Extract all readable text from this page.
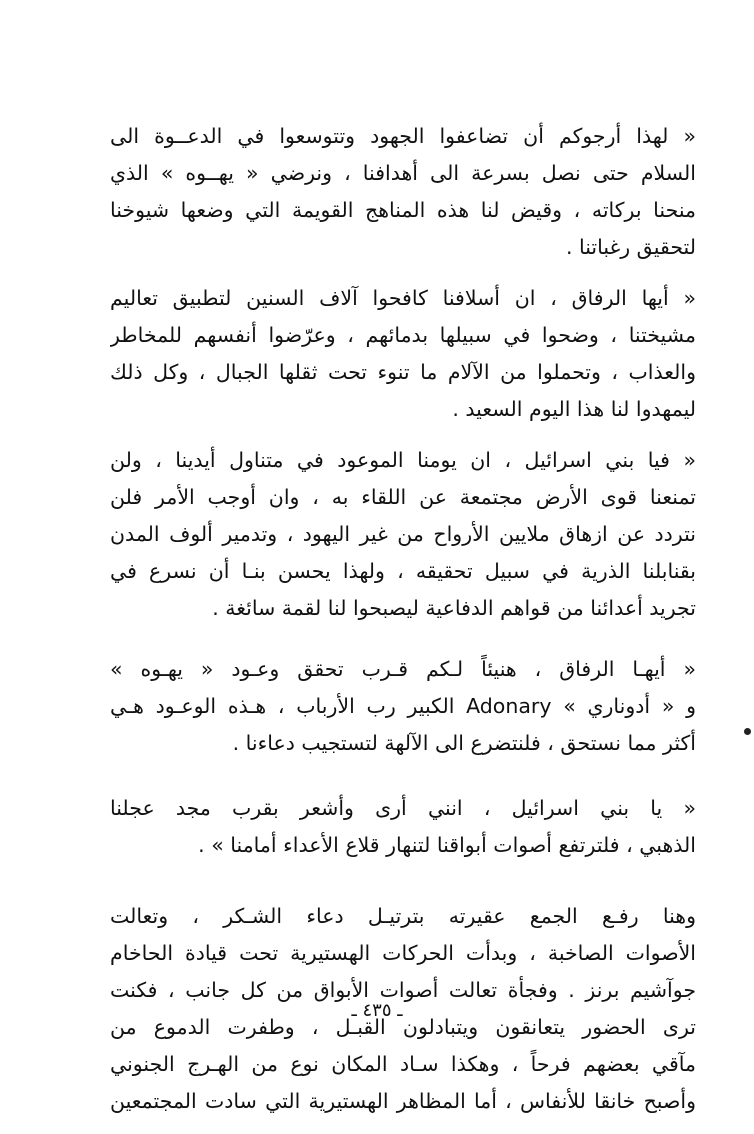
« لهذا أرجوكم أن تضاعفوا الجهود وتتوسعوا في الدعــوة الى
السلام حتى نصل بسرعة الى أهدافنا ، ونرضي « يهــوه » الذي
منحنا بركاته ، وقيض لنا هذه المناهج القويمة التي وضعها شيوخنا
لتحقيق رغباتنا .
« أيها الرفاق ، ان أسلافنا كافحوا آلاف السنين لتطبيق تعاليم
مشيختنا ، وضحوا في سبيلها بدمائهم ، وعرّضوا أنفسهم للمخاطر
والعذاب ، وتحملوا من الآلام ما تنوء تحت ثقلها الجبال ، وكل ذلك
ليمهدوا لنا هذا اليوم السعيد .
« فيا بني اسرائيل ، ان يومنا الموعود في متناول أيدينا ، ولن
تمنعنا قوى الأرض مجتمعة عن اللقاء به ، وان أوجب الأمر فلن
نتردد عن ازهاق ملايين الأرواح من غير اليهود ، وتدمير ألوف المدن
بقنابلنا الذرية في سبيل تحقيقه ، ولهذا يحسن بنـا أن نسرع في
تجريد أعدائنا من قواهم الدفاعية ليصبحوا لنا لقمة سائغة .
« أيهـا الرفاق ، هنيئاً لـكم قـرب تحقق وعـود « يهـوه »
و « أدوناري » Adonary الكبير رب الأرباب ، هـذه الوعـود هـي
أكثر مما نستحق ، فلنتضرع الى الآلهة لتستجيب دعاءنا .
« يا بني اسرائيل ، انني أرى وأشعر بقرب مجد عجلنا
الذهبي ، فلترتفع أصوات أبواقنا لتنهار قلاع الأعداء أمامنا » .
وهنا رفـع الجمع عقيرته بترتيـل دعاء الشـكر ، وتعالت
الأصوات الصاخبة ، وبدأت الحركات الهستيرية تحت قيادة الحاخام
جوآشيم برنز . وفجأة تعالت أصوات الأبواق من كل جانب ، فكنت
ترى الحضور يتعانقون ويتبادلون القبـل ، وطفرت الدموع من
مآقي بعضهم فرحاً ، وهكذا سـاد المكان نوع من الهـرج الجنوني
وأصبح خانقا للأنفاس ، أما المظاهر الهستيرية التي سادت المجتمعين
ـ ٤٣٥ ـ
